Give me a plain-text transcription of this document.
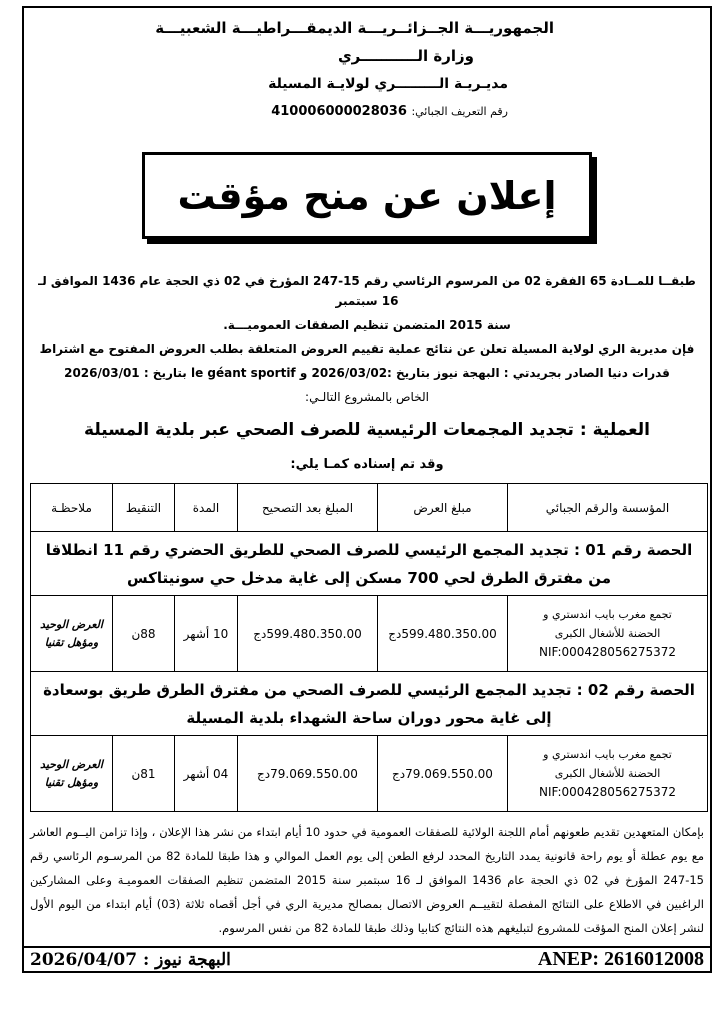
الجمهوريـــة الجــزائــريـــة الديمقـــراطيـــة الشعبيـــة
وزارة الـــــــــــري
مديـريـة الـــــــــري لولايـة المسيلة
رقم التعريف الجبائي: 410006000028036
إعلان عن منح مؤقت
طبقــا للمــادة 65 الفقرة 02 من المرسوم الرئاسي رقم 15-247 المؤرخ في 02 ذي الحجة عام 1436 الموافق لـ 16 سبتمبر
سنة 2015 المتضمن تنظيم الصفقات العموميـــة.
فإن مديرية الري لولاية المسيلة تعلن عن نتائج عملية تقييم العروض المتعلقة بطلب العروض المفتوح مع اشتراط
قدرات دنيا الصادر بجريدتي : البهجة نيوز بتاريخ :2026/03/02 و le géant sportif بتاريخ : 2026/03/01
الخاص بالمشروع التالـي:
العملية : تجديد المجمعات الرئيسية للصرف الصحي عبر بلدية المسيلة
وقد تم إسناده كمـا يلي:
المؤسسة والرقم الجبائي	مبلغ العرض	المبلغ بعد التصحيح	المدة	التنقيط	ملاحظـة
الحصة رقم 01 : تجديد المجمع الرئيسي للصرف الصحي للطريق الحضري رقم 11 انطلاقا من مفترق الطرق لحي 700 مسكن إلى غاية مدخل حي سونيتاكس					

تجمع مغرب بايب اندستري و
الحضنة للأشغال الكبرى
NIF:000428056275372	599.480.350.00دج	599.480.350.00دج	10 أشهر	88ن	العرض الوحيد ومؤهل تقنيا
الحصة رقم 02 : تجديد المجمع الرئيسي للصرف الصحي من مفترق الطرق طريق بوسعادة إلى غاية محور دوران ساحة الشهداء بلدية المسيلة					

تجمع مغرب بايب اندستري و
الحضنة للأشغال الكبرى
NIF:000428056275372	79.069.550.00دج	79.069.550.00دج	04 أشهر	81ن	العرض الوحيد ومؤهل تقنيا
بإمكان المتعهدين تقديم طعونهم أمام اللجنة الولائية للصفقات العمومية في حدود 10 أيام ابتداء من نشر هذا الإعلان ، وإذا تزامن اليــوم العاشر مع يوم عطلة أو يوم راحة قانونية يمدد التاريخ المحدد لرفع الطعن إلى يوم العمل الموالي و هذا طبقا للمادة 82 من المرسـوم الرئاسي رقم 15-247 المؤرخ في 02 ذي الحجة عام 1436 الموافق لـ 16 سبتمبر سنة 2015 المتضمن تنظيم الصفقات العموميـة وعلى المشاركين الراغبين في الاطلاع على النتائج المفصلة لتقييــم العروض الاتصال بمصالح مديرية الري في أجل أقصاه ثلاثة (03) أيام ابتداء من اليوم الأول لنشر إعلان المنح المؤقت للمشروع لتبليغهم هذه النتائج كتابيا وذلك طبقا للمادة 82 من نفس المرسوم.
البهجة نيوز : 2026/04/07	ANEP: 2616012008
